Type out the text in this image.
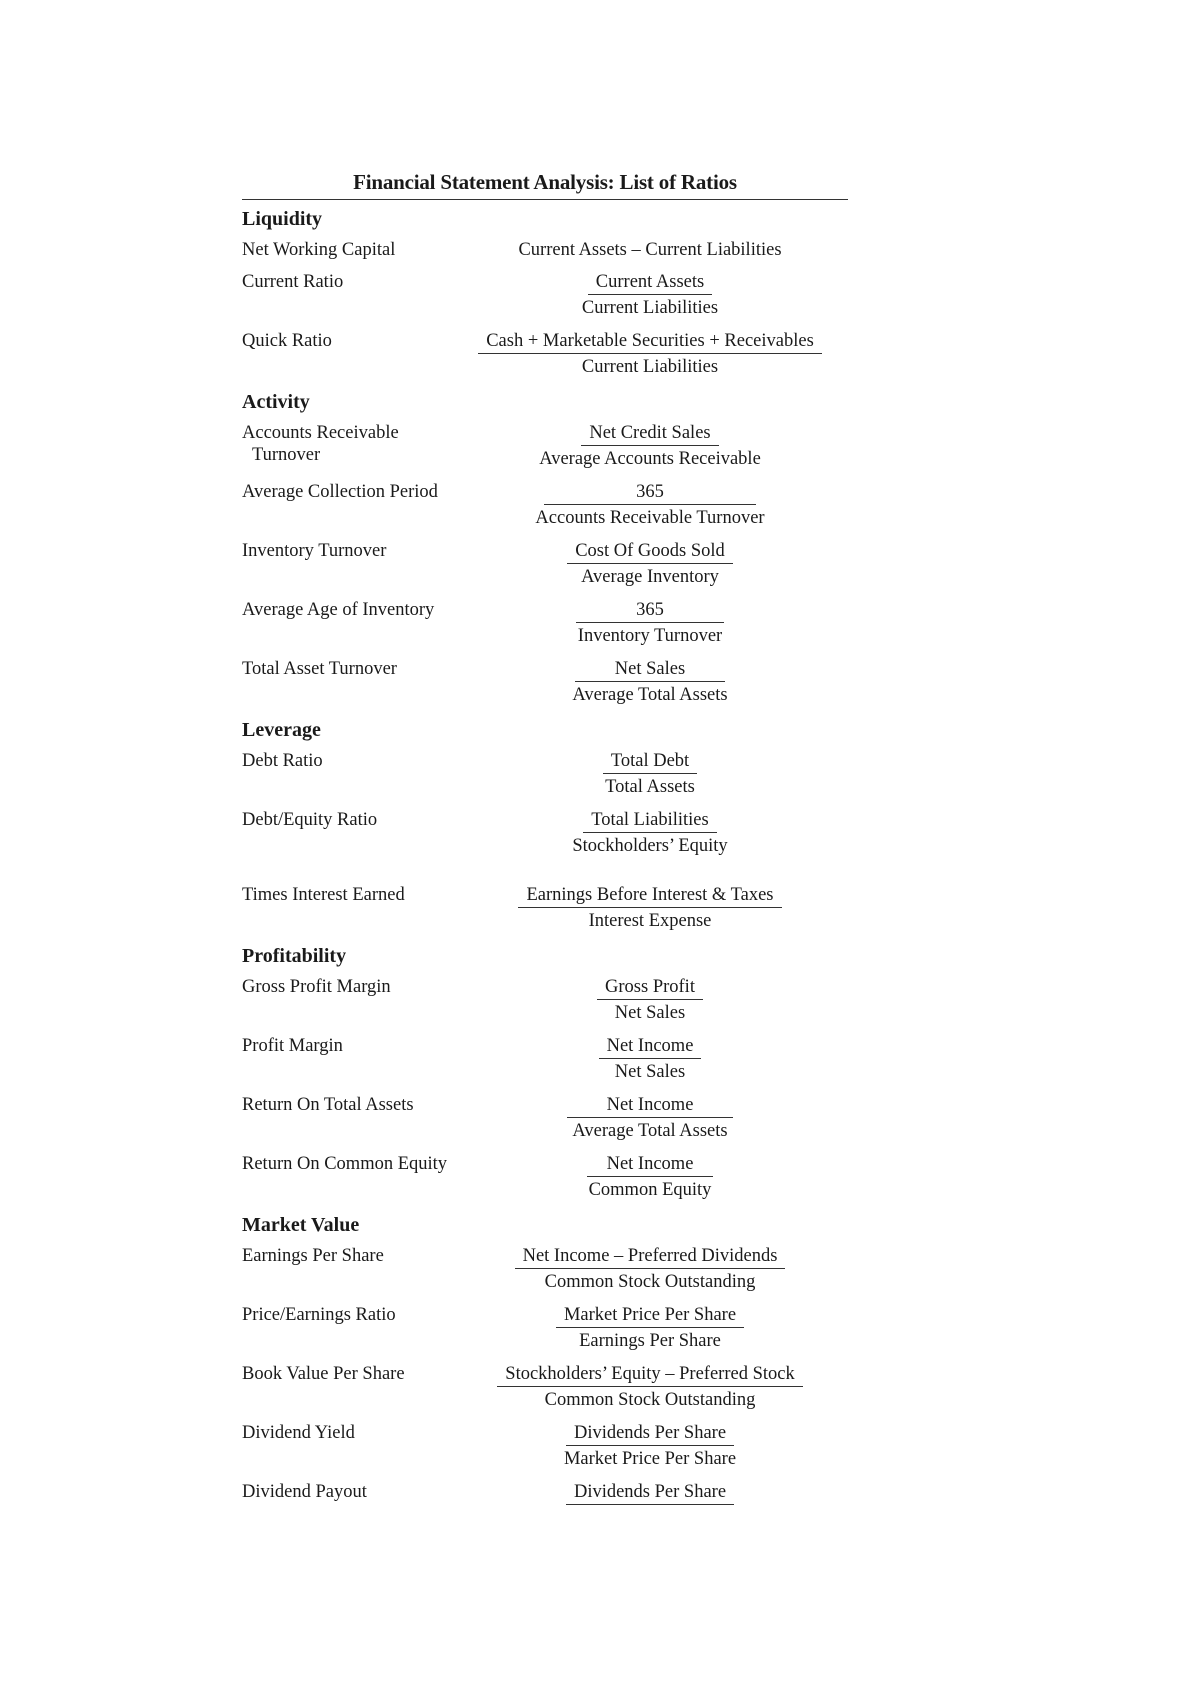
Financial Statement Analysis: List of Ratios
Liquidity
Net Working Capital	Current Assets – Current Liabilities
Current Ratio	$\frac{\text{Current Assets}}{\text{Current Liabilities}}$
Quick Ratio	$\frac{\text{Cash + Marketable Securities + Receivables}}{\text{Current Liabilities}}$
Activity
Accounts Receivable
Turnover	$\frac{\text{Net Credit Sales}}{\text{Average Accounts Receivable}}$
Average Collection Period	$\frac{365}{\text{Accounts Receivable Turnover}}$
Inventory Turnover	$\frac{\text{Cost Of Goods Sold}}{\text{Average Inventory}}$
Average Age of Inventory	$\frac{365}{\text{Inventory Turnover}}$
Total Asset Turnover	$\frac{\text{Net Sales}}{\text{Average Total Assets}}$
Leverage
Debt Ratio	$\frac{\text{Total Debt}}{\text{Total Assets}}$
Debt/Equity Ratio	$\frac{\text{Total Liabilities}}{\text{Stockholders’ Equity}}$
Times Interest Earned	$\frac{\text{Earnings Before Interest \& Taxes}}{\text{Interest Expense}}$
Profitability
Gross Profit Margin	$\frac{\text{Gross Profit}}{\text{Net Sales}}$
Profit Margin	$\frac{\text{Net Income}}{\text{Net Sales}}$
Return On Total Assets	$\frac{\text{Net Income}}{\text{Average Total Assets}}$
Return On Common Equity	$\frac{\text{Net Income}}{\text{Common Equity}}$
Market Value
Earnings Per Share	$\frac{\text{Net Income – Preferred Dividends}}{\text{Common Stock Outstanding}}$
Price/Earnings Ratio	$\frac{\text{Market Price Per Share}}{\text{Earnings Per Share}}$
Book Value Per Share	$\frac{\text{Stockholders’ Equity – Preferred Stock}}{\text{Common Stock Outstanding}}$
Dividend Yield	$\frac{\text{Dividends Per Share}}{\text{Market Price Per Share}}$
Dividend Payout	Dividends Per Share
